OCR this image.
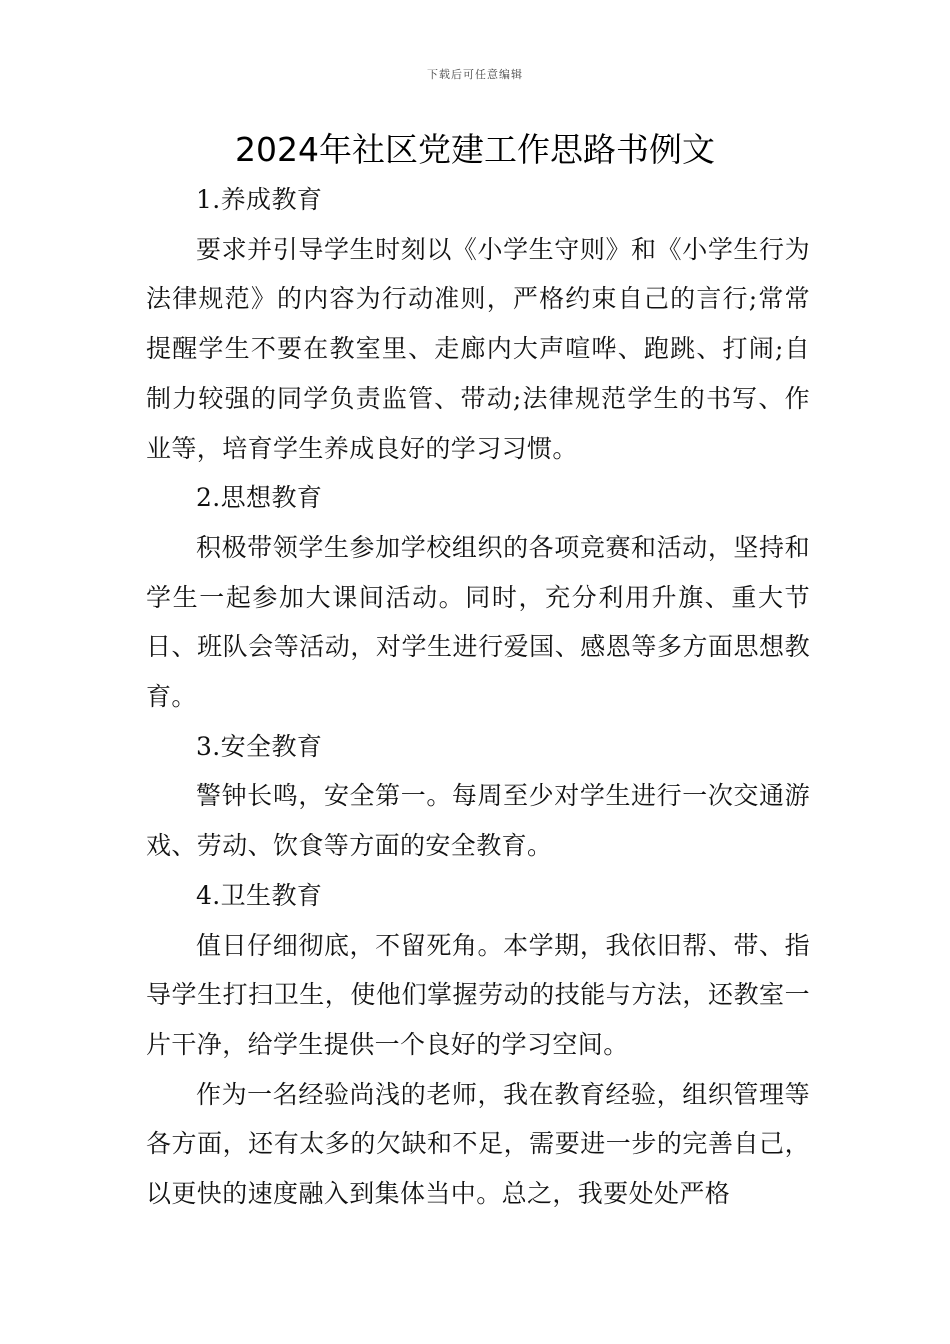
下载后可任意编辑
2024年社区党建工作思路书例文

1.养成教育

要求并引导学生时刻以《小学生守则》和《小学生行为法律规范》的内容为行动准则，严格约束自己的言行;常常提醒学生不要在教室里、走廊内大声喧哗、跑跳、打闹;自制力较强的同学负责监管、带动;法律规范学生的书写、作业等，培育学生养成良好的学习习惯。

2.思想教育

积极带领学生参加学校组织的各项竞赛和活动，坚持和学生一起参加大课间活动。同时，充分利用升旗、重大节日、班队会等活动，对学生进行爱国、感恩等多方面思想教育。

3.安全教育

警钟长鸣，安全第一。每周至少对学生进行一次交通游戏、劳动、饮食等方面的安全教育。

4.卫生教育

值日仔细彻底，不留死角。本学期，我依旧帮、带、指导学生打扫卫生，使他们掌握劳动的技能与方法，还教室一片干净，给学生提供一个良好的学习空间。

作为一名经验尚浅的老师，我在教育经验，组织管理等各方面，还有太多的欠缺和不足，需要进一步的完善自己，以更快的速度融入到集体当中。总之，我要处处严格
